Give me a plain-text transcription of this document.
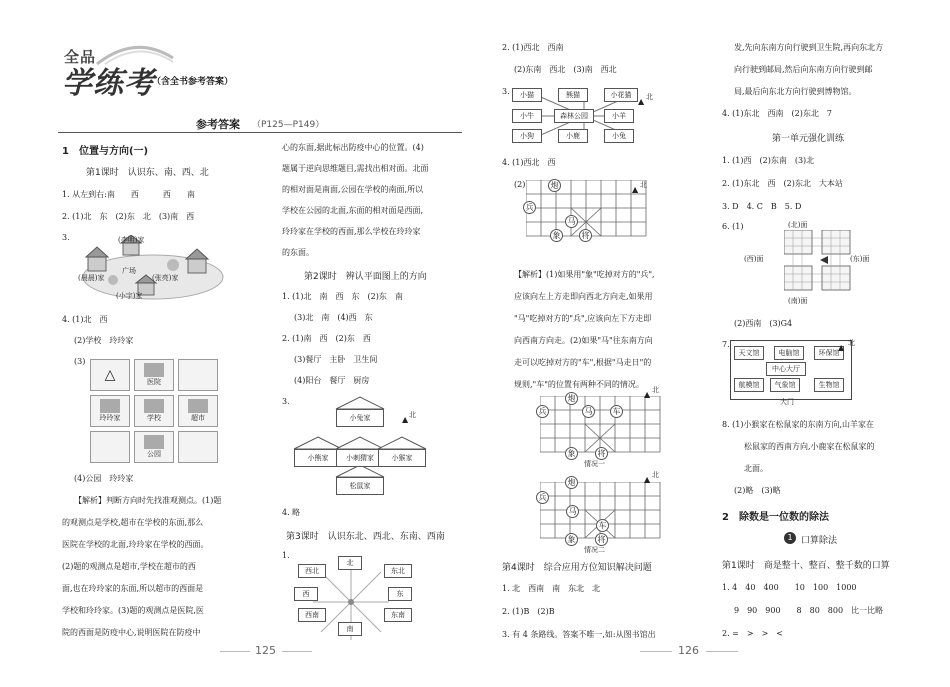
全品
学练考
（含全书参考答案）
参考答案 （P125—P149）
1　位置与方向(一)
第1课时　认识东、南、西、北
1. 从左到右:南　　西　　　西　　南
2. (1)北　东　(2)东　北　(3)南　西
3.	(李明)家
广场
(晨晨)家	(张亮)家
(小宇)家
4. (1)北　西
(2)学校　玲玲家
(3)
△	医院
玲玲家	学校	超市
公园
(4)公园　玲玲家
【解析】判断方向时先找准观测点。(1)题
的观测点是学校,超市在学校的东面,那么
医院在学校的北面,玲玲家在学校的西面。
(2)题的观测点是超市,学校在超市的西
面,也在玲玲家的东面,所以超市的西面是
学校和玲玲家。(3)题的观测点是医院,医
院的西面是防疫中心,说明医院在防疫中
心的东面,据此标出防疫中心的位置。(4)
题属于逆向思维题目,需找出相对面。北面
的相对面是南面,公园在学校的南面,所以
学校在公园的北面,东面的相对面是西面,
玲玲家在学校的西面,那么学校在玲玲家
的东面。
第2课时　辨认平面图上的方向
1. (1)北　南　西　东　(2)东　南
(3)北　南　(4)西　东
2. (1)南　西　(2)东　西
(3)餐厅　主卧　卫生间
(4)阳台　餐厅　厨房
3.
小兔家
小熊家	小刺猬家	小猴家
松鼠家
北
▲
4. 略
第3课时　认识东北、西北、东南、西南
1.
西北
北
东北
西	东
西南	东南
南
125
2. (1)西北　西南
(2)东南　西北　(3)南　西北
3.	小猫	熊猫	小花猫
小牛	森林公园	小羊
小狗	小鹿	小兔
北
▲
4. (1)西北　西
(2)	炮
兵
马
将
象
北
▲
【解析】(1)如果用"象"吃掉对方的"兵",
应该向左上方走即向西北方向走,如果用
"马"吃掉对方的"兵",应该向左下方走即
向西南方向走。(2)如果"马"往东南方向
走可以吃掉对方的"车",根据"马走日"的
规则,"车"的位置有两种不同的情况。
炮
兵	马	车
象	将
北
▲
情况一
炮
兵
马
车
象	将
北
▲
情况二
第4课时　综合应用方位知识解决问题
1. 北　西南　南　东北　北
2. (1)B　(2)B
3. 有 4 条路线。答案不唯一,如:从图书馆出
发,先向东南方向行驶到卫生院,再向东北方
向行驶到邮局,然后向东南方向行驶到邮
局,最后向东北方向行驶到博物馆。
4. (1)东北　西南　(2)东北　7
第一单元强化训练
1. (1)西　(2)东南　(3)北
2. (1)东北　西　(2)东北　大本站
3. D　4. C　B　5. D
6. (1)	(北)面
(西)面	(东)面
(南)面
(2)西南　(3)G4
7.
天文馆	电脑馆	环保馆
中心大厅
航模馆	气象馆	生物馆
大门
北
▲
8. (1)小猴家在松鼠家的东南方向,山羊家在
松鼠家的西南方向,小鹿家在松鼠家的
北面。
(2)略　(3)略
2　除数是一位数的除法
1 口算除法
第1课时　商是整十、整百、整千数的口算
1. 4　40　400　　10　100　1000
9　90　900　　8　80　800　比一比略
2. =　>　>　<
126
